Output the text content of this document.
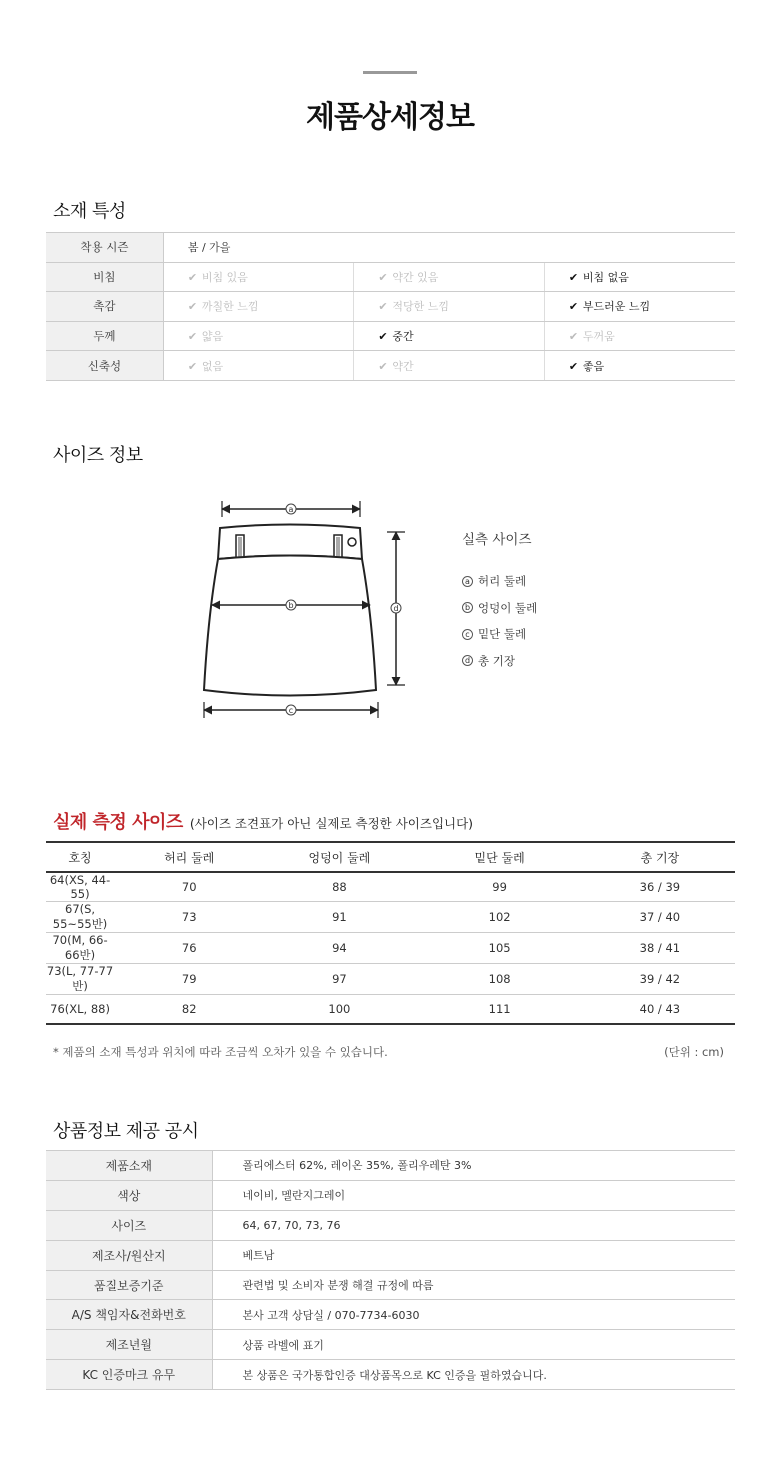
제품상세정보
소재 특성
착용 시즌	봄 / 가을		
비침	✔ 비침 있음	✔ 약간 있음	✔ 비침 없음
촉감	✔ 까칠한 느낌	✔ 적당한 느낌	✔ 부드러운 느낌
두께	✔ 얇음	✔ 중간	✔ 두꺼움
신축성	✔ 없음	✔ 약간	✔ 좋음
사이즈 정보
a
b
c
d
실측 사이즈
a 허리 둘레
b 엉덩이 둘레
c 밑단 둘레
d 총 기장
실제 측정 사이즈 (사이즈 조견표가 아닌 실제로 측정한 사이즈입니다)
호칭	허리 둘레	엉덩이 둘레	밑단 둘레	총 기장
64(XS, 44-55)	70	88	99	36 / 39
67(S, 55~55반)	73	91	102	37 / 40
70(M, 66-66반)	76	94	105	38 / 41
73(L, 77-77반)	79	97	108	39 / 42
76(XL, 88)	82	100	111	40 / 43
* 제품의 소재 특성과 위치에 따라 조금씩 오차가 있을 수 있습니다.	(단위 : cm)
상품정보 제공 공시
제품소재	폴리에스터 62%, 레이온 35%, 폴리우레탄 3%
색상	네이비, 멜란지그레이
사이즈	64, 67, 70, 73, 76
제조사/원산지	베트남
품질보증기준	관련법 및 소비자 분쟁 해결 규정에 따름
A/S 책임자&전화번호	본사 고객 상담실 / 070-7734-6030
제조년월	상품 라벨에 표기
KC 인증마크 유무	본 상품은 국가통합인증 대상품목으로 KC 인증을 필하였습니다.
